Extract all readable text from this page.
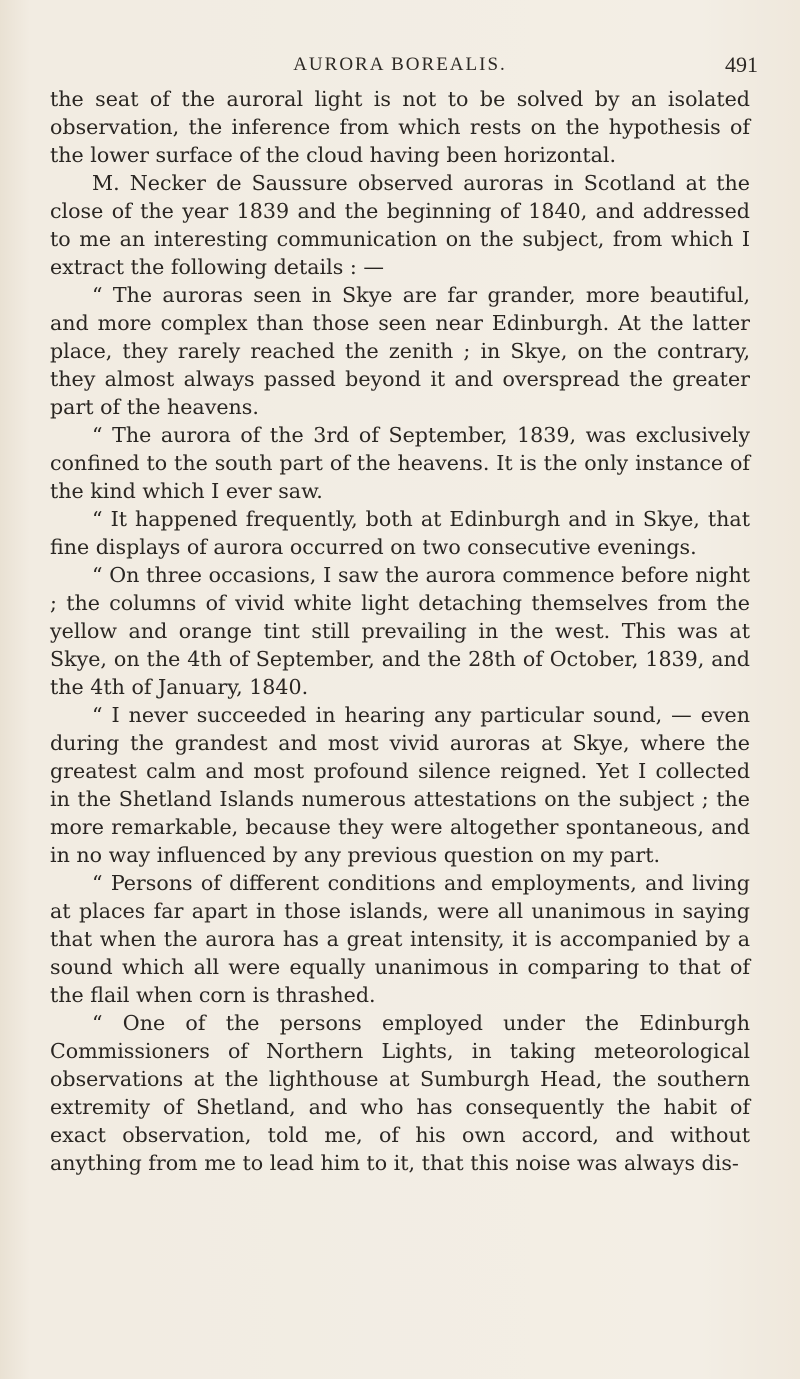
AURORA BOREALIS.	491

the seat of the auroral light is not to be solved by an isolated observation, the inference from which rests on the hypothesis of the lower surface of the cloud having been horizontal.

M. Necker de Saussure observed auroras in Scotland at the close of the year 1839 and the beginning of 1840, and addressed to me an interesting communication on the subject, from which I extract the following details : —

“ The auroras seen in Skye are far grander, more beautiful, and more complex than those seen near Edinburgh. At the latter place, they rarely reached the zenith ; in Skye, on the contrary, they almost always passed beyond it and overspread the greater part of the heavens.

“ The aurora of the 3rd of September, 1839, was exclusively confined to the south part of the heavens. It is the only instance of the kind which I ever saw.

“ It happened frequently, both at Edinburgh and in Skye, that fine displays of aurora occurred on two consecutive evenings.

“ On three occasions, I saw the aurora commence before night ; the columns of vivid white light detaching themselves from the yellow and orange tint still prevailing in the west. This was at Skye, on the 4th of September, and the 28th of October, 1839, and the 4th of January, 1840.

“ I never succeeded in hearing any particular sound, — even during the grandest and most vivid auroras at Skye, where the greatest calm and most profound silence reigned. Yet I collected in the Shetland Islands numerous attestations on the subject ; the more remarkable, because they were altogether spontaneous, and in no way influenced by any previous question on my part.

“ Persons of different conditions and employments, and living at places far apart in those islands, were all unanimous in saying that when the aurora has a great intensity, it is accompanied by a sound which all were equally unanimous in comparing to that of the flail when corn is thrashed.

“ One of the persons employed under the Edinburgh Commissioners of Northern Lights, in taking meteorological observations at the lighthouse at Sumburgh Head, the southern extremity of Shetland, and who has consequently the habit of exact observation, told me, of his own accord, and without anything from me to lead him to it, that this noise was always dis-
